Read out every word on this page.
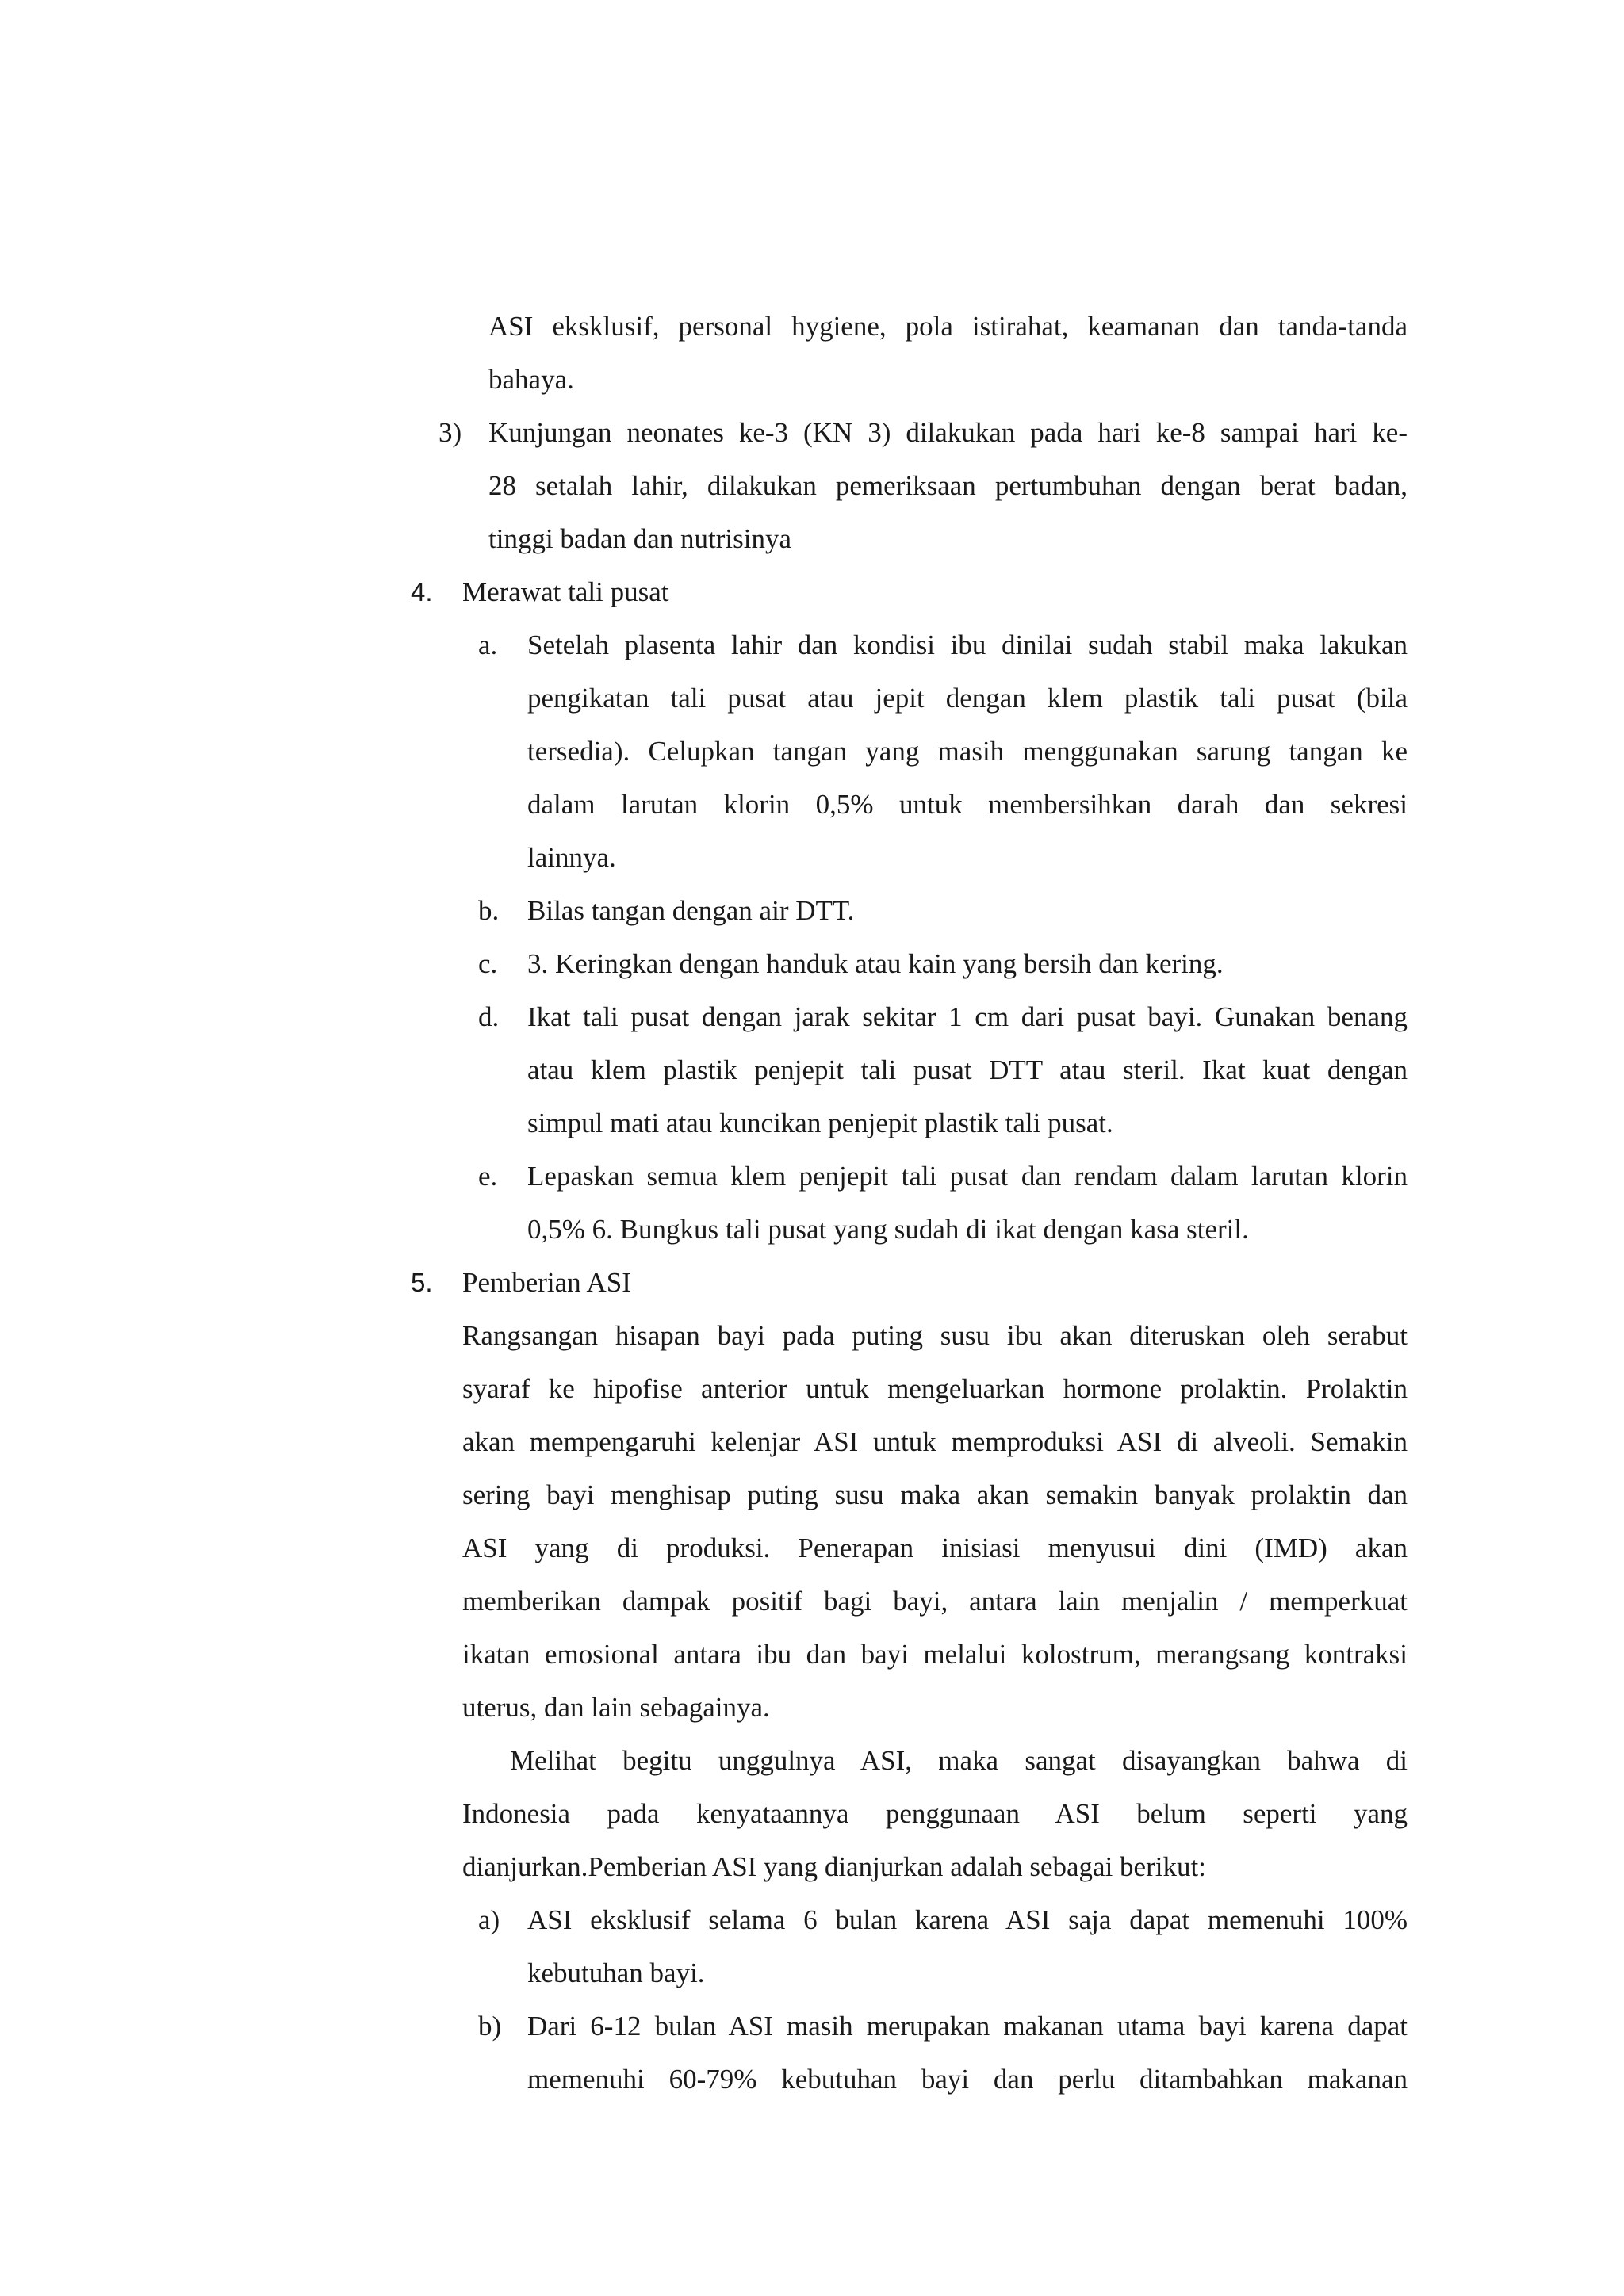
ASI eksklusif, personal hygiene, pola istirahat, keamanan dan tanda-tanda
bahaya.
3) Kunjungan neonates ke-3 (KN 3) dilakukan pada hari ke-8 sampai hari ke-
28 setalah lahir, dilakukan pemeriksaan pertumbuhan dengan berat badan,
tinggi badan dan nutrisinya
4. Merawat tali pusat
a. Setelah plasenta lahir dan kondisi ibu dinilai sudah stabil maka lakukan
pengikatan tali pusat atau jepit dengan klem plastik tali pusat (bila
tersedia). Celupkan tangan yang masih menggunakan sarung tangan ke
dalam larutan klorin 0,5% untuk membersihkan darah dan sekresi
lainnya.
b. Bilas tangan dengan air DTT.
c. 3. Keringkan dengan handuk atau kain yang bersih dan kering.
d. Ikat tali pusat dengan jarak sekitar 1 cm dari pusat bayi. Gunakan benang
atau klem plastik penjepit tali pusat DTT atau steril. Ikat kuat dengan
simpul mati atau kuncikan penjepit plastik tali pusat.
e. Lepaskan semua klem penjepit tali pusat dan rendam dalam larutan klorin
0,5% 6. Bungkus tali pusat yang sudah di ikat dengan kasa steril.
5. Pemberian ASI
Rangsangan hisapan bayi pada puting susu ibu akan diteruskan oleh serabut
syaraf ke hipofise anterior untuk mengeluarkan hormone prolaktin. Prolaktin
akan mempengaruhi kelenjar ASI untuk memproduksi ASI di alveoli. Semakin
sering bayi menghisap puting susu maka akan semakin banyak prolaktin dan
ASI yang di produksi. Penerapan inisiasi menyusui dini (IMD) akan
memberikan dampak positif bagi bayi, antara lain menjalin / memperkuat
ikatan emosional antara ibu dan bayi melalui kolostrum, merangsang kontraksi
uterus, dan lain sebagainya.
Melihat begitu unggulnya ASI, maka sangat disayangkan bahwa di
Indonesia pada kenyataannya penggunaan ASI belum seperti yang
dianjurkan.Pemberian ASI yang dianjurkan adalah sebagai berikut:
a) ASI eksklusif selama 6 bulan karena ASI saja dapat memenuhi 100%
kebutuhan bayi.
b) Dari 6-12 bulan ASI masih merupakan makanan utama bayi karena dapat
memenuhi 60-79% kebutuhan bayi dan perlu ditambahkan makanan
